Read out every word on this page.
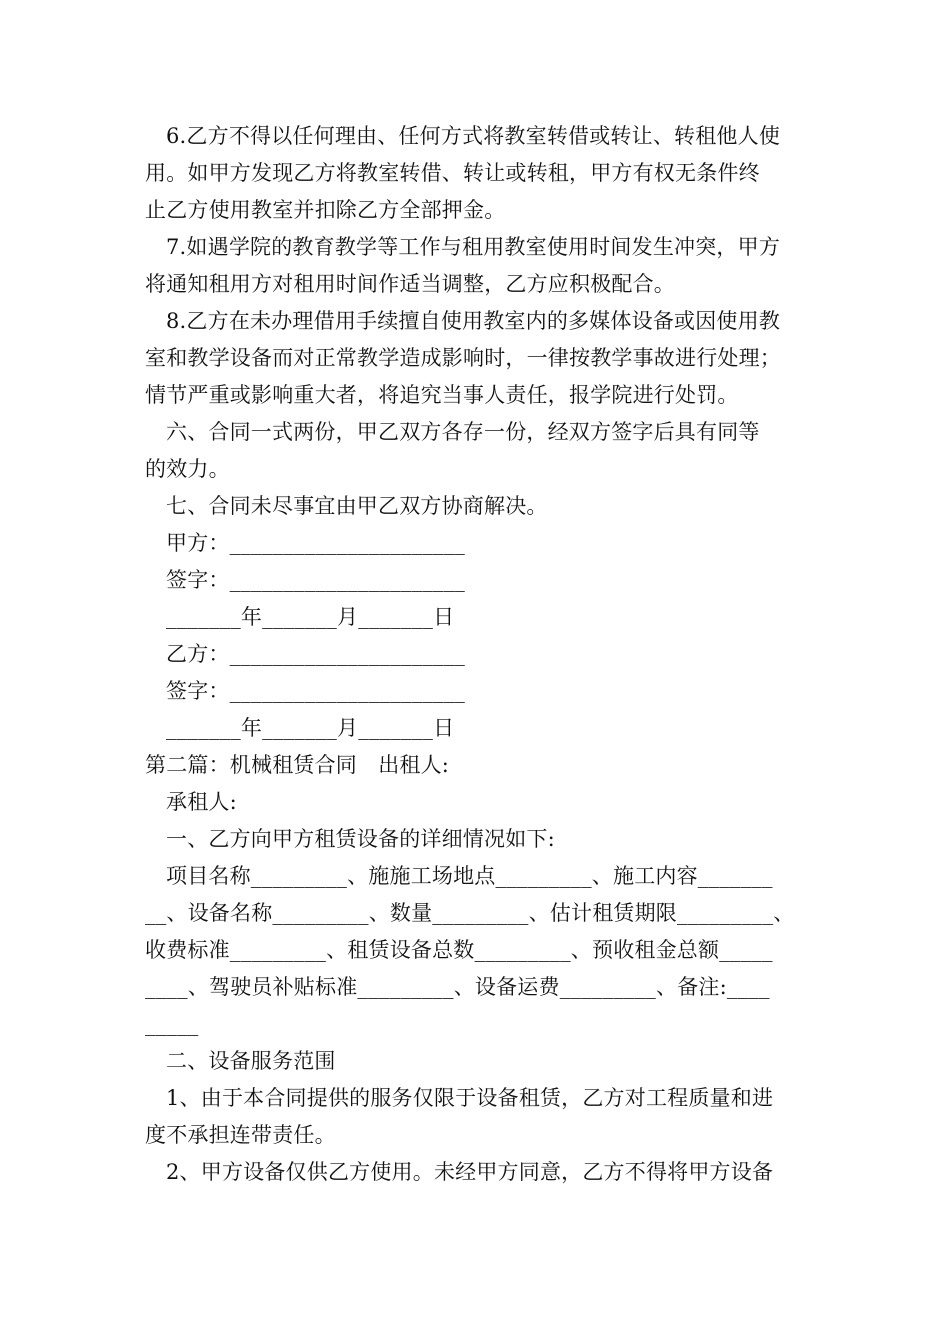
6.乙方不得以任何理由、任何方式将教室转借或转让、转租他人使
用。如甲方发现乙方将教室转借、转让或转租，甲方有权无条件终
止乙方使用教室并扣除乙方全部押金。
7.如遇学院的教育教学等工作与租用教室使用时间发生冲突，甲方
将通知租用方对租用时间作适当调整，乙方应积极配合。
8.乙方在未办理借用手续擅自使用教室内的多媒体设备或因使用教
室和教学设备而对正常教学造成影响时，一律按教学事故进行处理；
情节严重或影响重大者，将追究当事人责任，报学院进行处罚。
六、合同一式两份，甲乙双方各存一份，经双方签字后具有同等
的效力。
七、合同未尽事宜由甲乙双方协商解决。
甲方：______________________
签字：______________________
_______年_______月_______日
乙方：______________________
签字：______________________
_______年_______月_______日
第二篇：机械租赁合同　出租人:
承租人:
一、乙方向甲方租赁设备的详细情况如下:
项目名称_________、施施工场地点_________、施工内容_______
__、设备名称_________、数量_________、估计租赁期限_________、
收费标准_________、租赁设备总数_________、预收租金总额_____
____、驾驶员补贴标准_________、设备运费_________、备注:____
_____
二、设备服务范围
1、由于本合同提供的服务仅限于设备租赁，乙方对工程质量和进
度不承担连带责任。
2、甲方设备仅供乙方使用。未经甲方同意，乙方不得将甲方设备
